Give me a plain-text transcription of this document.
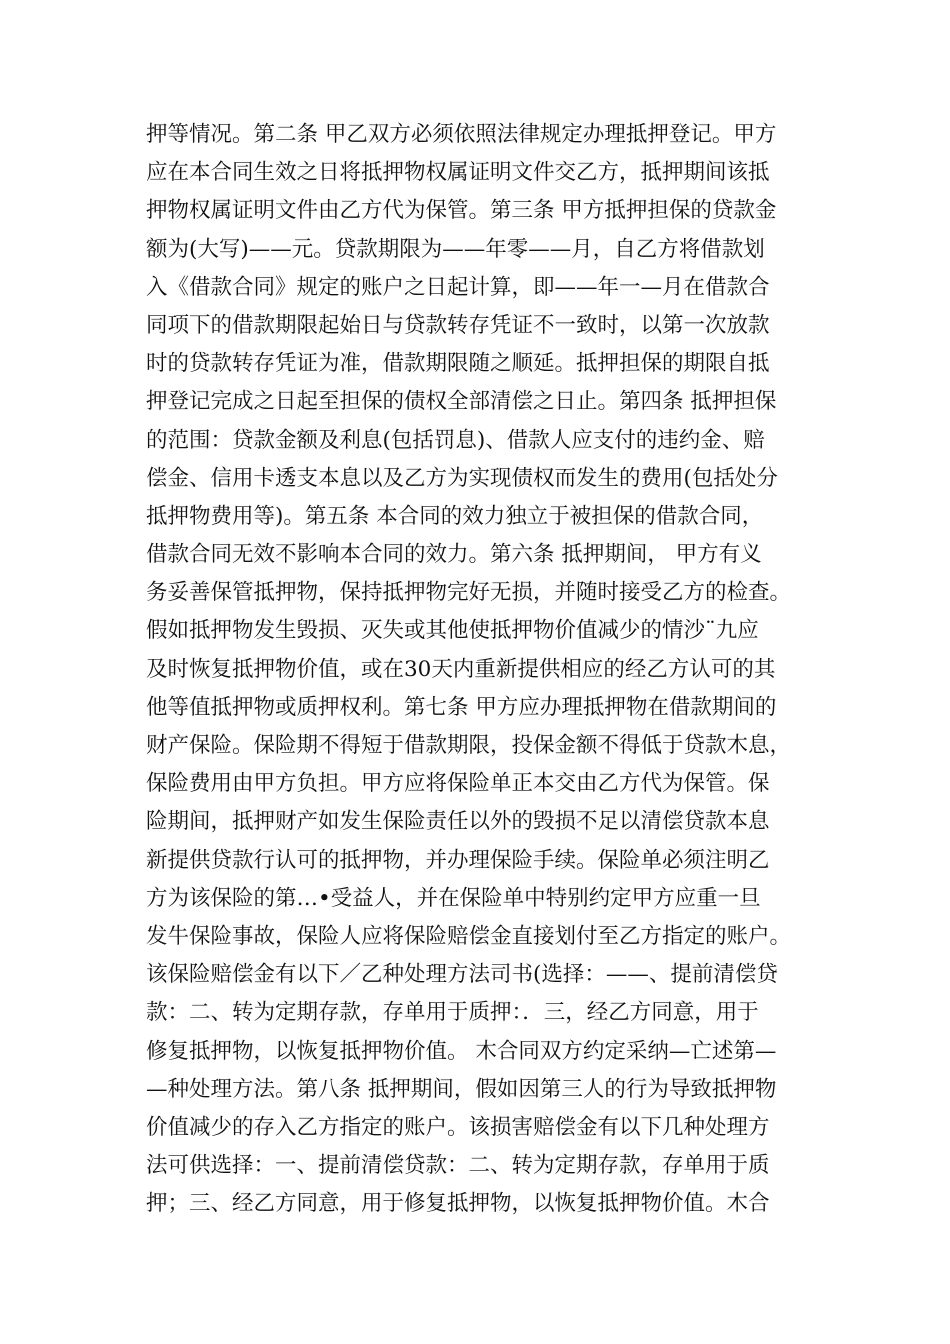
押等情况。第二条 甲乙双方必须依照法律规定办理抵押登记。甲方
应在本合同生效之日将抵押物权属证明文件交乙方，抵押期间该抵
押物权属证明文件由乙方代为保管。第三条 甲方抵押担保的贷款金
额为(大写)——元。贷款期限为——年零——月，自乙方将借款划
入《借款合同》规定的账户之日起计算，即——年一—月在借款合
同项下的借款期限起始日与贷款转存凭证不一致时，以第一次放款
时的贷款转存凭证为准，借款期限随之顺延。抵押担保的期限自抵
押登记完成之日起至担保的债权全部清偿之日止。第四条 抵押担保
的范围：贷款金额及利息(包括罚息)、借款人应支付的违约金、赔
偿金、信用卡透支本息以及乙方为实现债权而发生的费用(包括处分
抵押物费用等)。第五条 本合同的效力独立于被担保的借款合同，
借款合同无效不影响本合同的效力。第六条 抵押期间， 甲方有义
务妥善保管抵押物，保持抵押物完好无损，并随时接受乙方的检查。
假如抵押物发生毁损、灭失或其他使抵押物价值减少的情沙¨九应
及时恢复抵押物价值，或在30天内重新提供相应的经乙方认可的其
他等值抵押物或质押权利。第七条 甲方应办理抵押物在借款期间的
财产保险。保险期不得短于借款期限，投保金额不得低于贷款木息，
保险费用由甲方负担。甲方应将保险单正本交由乙方代为保管。保
险期间，抵押财产如发生保险责任以外的毁损不足以清偿贷款本息
新提供贷款行认可的抵押物，并办理保险手续。保险单必须注明乙
方为该保险的第…•受益人，并在保险单中特别约定甲方应重一旦
发牛保险事故，保险人应将保险赔偿金直接划付至乙方指定的账户。
该保险赔偿金有以下／乙种处理方法司书(选择：——、提前清偿贷
款：二、转为定期存款，存单用于质押：．三，经乙方同意，用于
修复抵押物，以恢复抵押物价值。 木合同双方约定采纳—亡述第—
—种处理方法。第八条 抵押期间，假如因第三人的行为导致抵押物
价值减少的存入乙方指定的账户。该损害赔偿金有以下几种处理方
法可供选择：一、提前清偿贷款：二、转为定期存款，存单用于质
押；三、经乙方同意，用于修复抵押物，以恢复抵押物价值。木合
